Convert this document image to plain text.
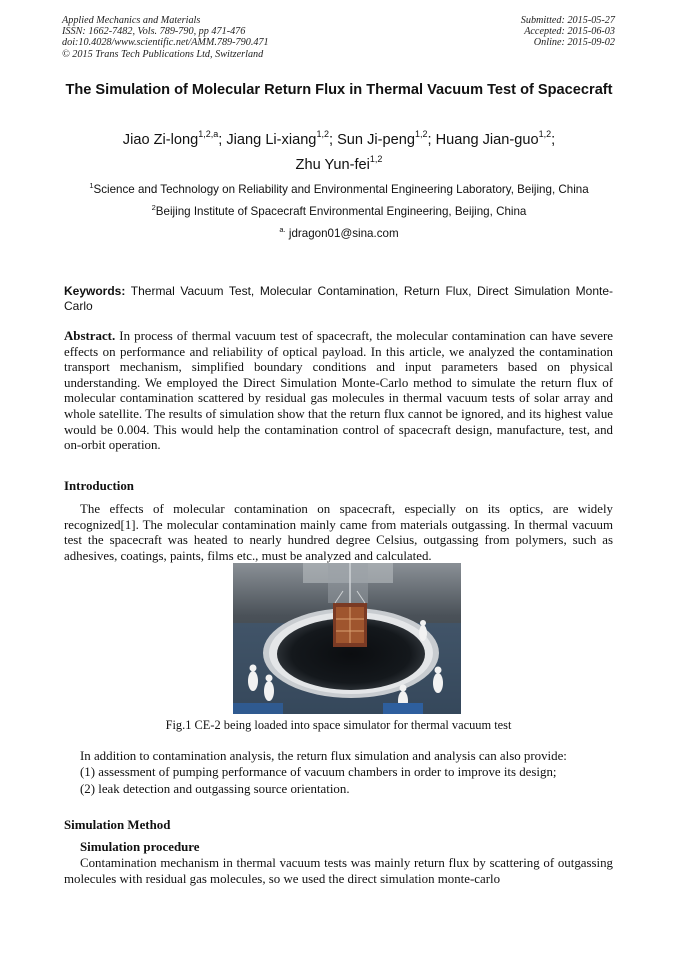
Applied Mechanics and Materials
ISSN: 1662-7482, Vols. 789-790, pp 471-476
doi:10.4028/www.scientific.net/AMM.789-790.471
© 2015 Trans Tech Publications Ltd, Switzerland
Submitted: 2015-05-27
Accepted: 2015-06-03
Online: 2015-09-02
The Simulation of Molecular Return Flux in Thermal Vacuum Test of Spacecraft
Jiao Zi-long$^{1,2,a}$; Jiang Li-xiang$^{1,2}$; Sun Ji-peng$^{1,2}$; Huang Jian-guo$^{1,2}$;
Zhu Yun-fei$^{1,2}$
$^1$Science and Technology on Reliability and Environmental Engineering Laboratory, Beijing, China
$^2$Beijing Institute of Spacecraft Environmental Engineering, Beijing, China
$^{a.}$ jdragon01@sina.com
Keywords: Thermal Vacuum Test, Molecular Contamination, Return Flux, Direct Simulation Monte-Carlo
Abstract. In process of thermal vacuum test of spacecraft, the molecular contamination can have severe effects on performance and reliability of optical payload. In this article, we analyzed the contamination transport mechanism, simplified boundary conditions and input parameters based on physical understanding. We employed the Direct Simulation Monte-Carlo method to simulate the return flux of molecular contamination scattered by residual gas molecules in thermal vacuum tests of solar array and whole satellite. The results of simulation show that the return flux cannot be ignored, and its highest value would be 0.004. This would help the contamination control of spacecraft design, manufacture, test, and on-orbit operation.
Introduction
The effects of molecular contamination on spacecraft, especially on its optics, are widely recognized[1]. The molecular contamination mainly came from materials outgassing. In thermal vacuum test the spacecraft was heated to nearly hundred degree Celsius, outgassing from polymers, such as adhesives, coatings, paints, films etc., must be analyzed and calculated.
Fig.1 CE-2 being loaded into space simulator for thermal vacuum test
In addition to contamination analysis, the return flux simulation and analysis can also provide:
(1) assessment of pumping performance of vacuum chambers in order to improve its design;
(2) leak detection and outgassing source orientation.
Simulation Method
Simulation procedure
Contamination mechanism in thermal vacuum tests was mainly return flux by scattering of outgassing molecules with residual gas molecules, so we used the direct simulation monte-carlo
